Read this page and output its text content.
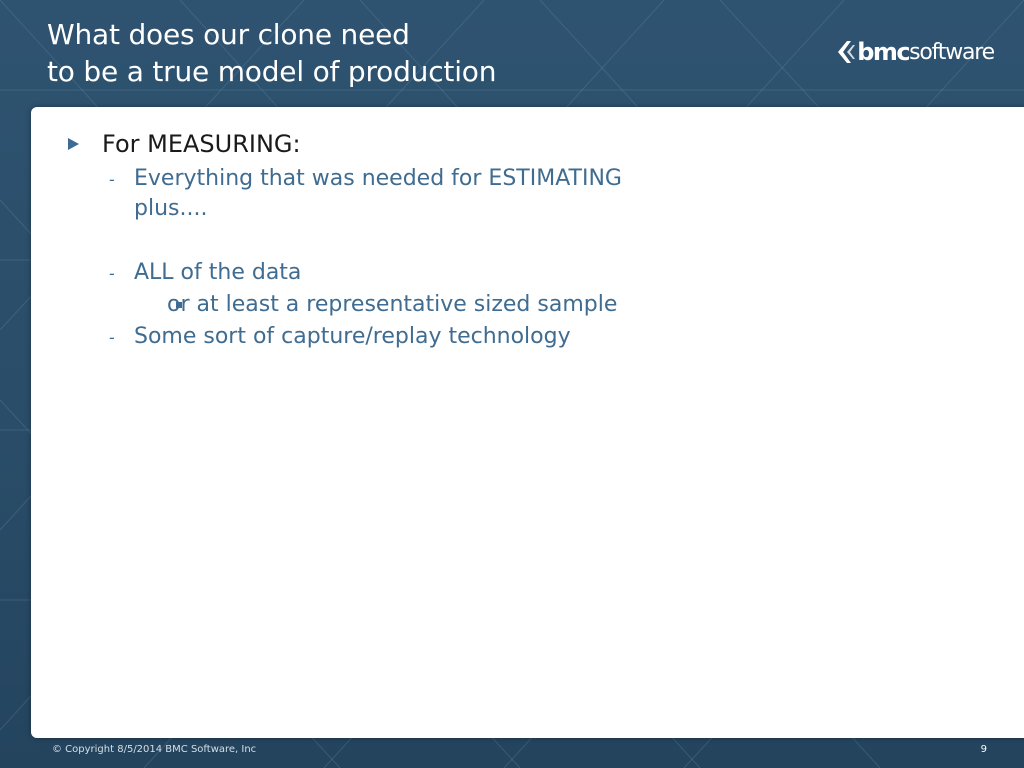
What does our clone need
to be a true model of production
bmc software
For MEASURING:
- Everything that was needed for ESTIMATING
plus....
- ALL of the data
or at least a representative sized sample
- Some sort of capture/replay technology
© Copyright 8/5/2014 BMC Software, Inc	9
